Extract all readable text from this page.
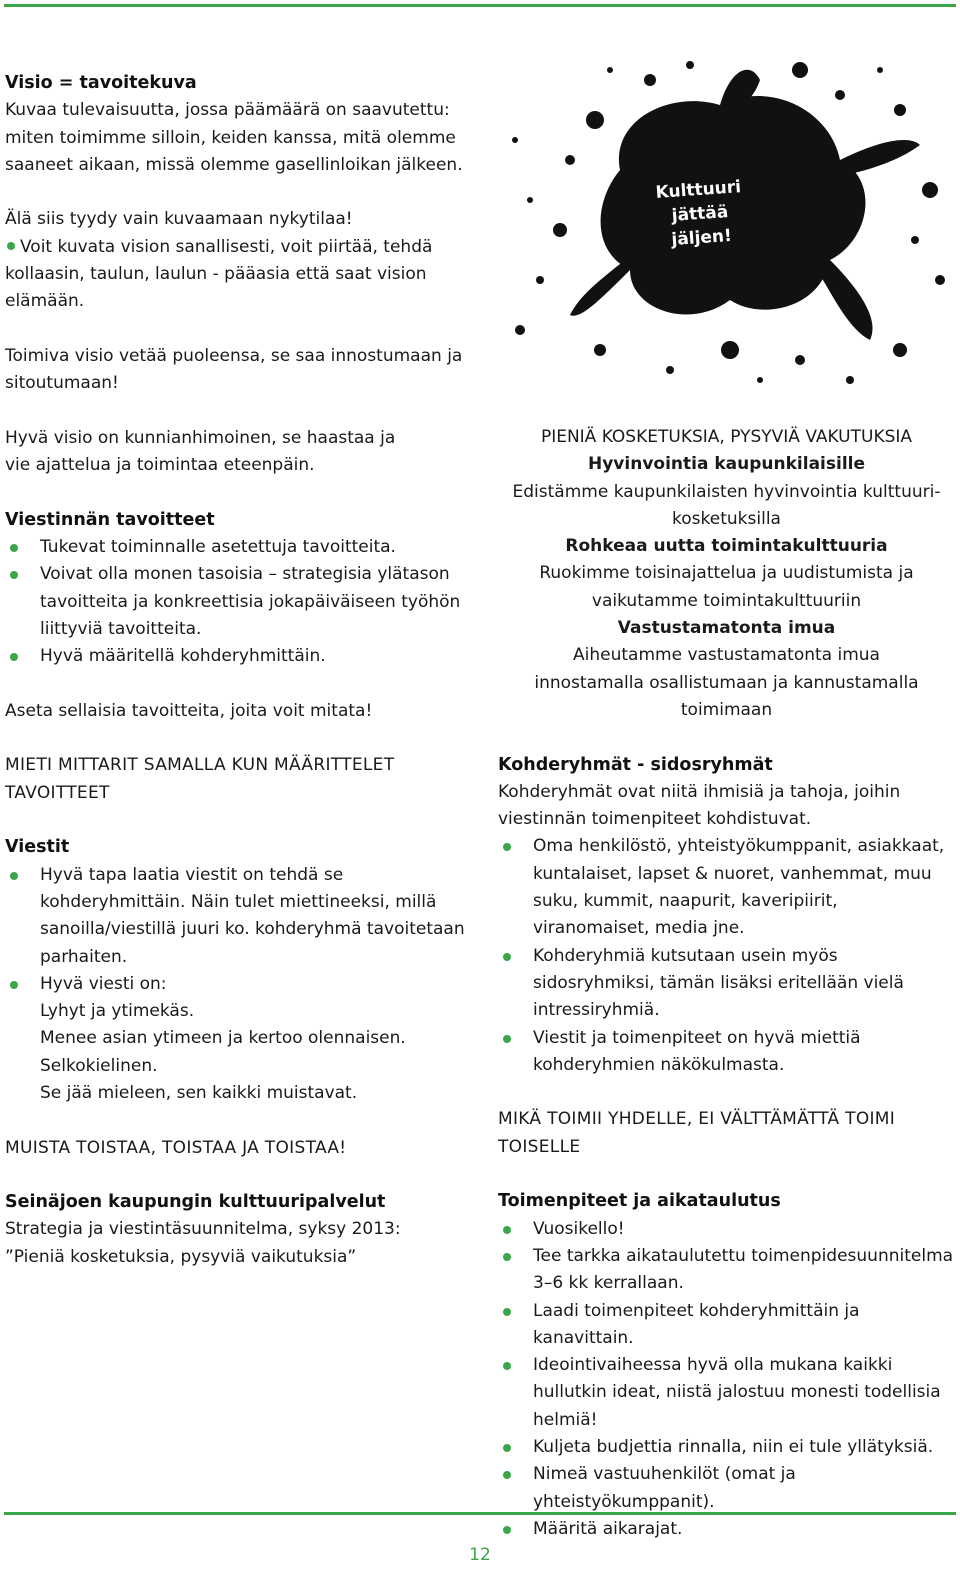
Visio = tavoitekuva

Kuvaa tulevaisuutta, jossa päämäärä on saavutettu:

miten toimimme silloin, keiden kanssa, mitä olemme

saaneet aikaan, missä olemme gasellinloikan jälkeen.

Älä siis tyydy vain kuvaamaan nykytilaa!

Voit kuvata vision sanallisesti, voit piirtää, tehdä

kollaasin, taulun, laulun - pääasia että saat vision

elämään.

Toimiva visio vetää puoleensa, se saa innostumaan ja

sitoutumaan!

Hyvä visio on kunnianhimoinen, se haastaa ja

vie ajattelua ja toimintaa eteenpäin.

Viestinnän tavoitteet

Tukevat toiminnalle asetettuja tavoitteita.
Voivat olla monen tasoisia – strategisia ylätason tavoitteita ja konkreettisia jokapäiväiseen työhön liittyviä tavoitteita.
Hyvä määritellä kohderyhmittäin.

Aseta sellaisia tavoitteita, joita voit mitata!

MIETI MITTARIT SAMALLA KUN MÄÄRITTELET TAVOITTEET

Viestit

Hyvä tapa laatia viestit on tehdä se kohderyhmittäin. Näin tulet miettineeksi, millä sanoilla/viestillä juuri ko. kohderyhmä tavoitetaan parhaiten.
Hyvä viesti on:
Lyhyt ja ytimekäs.
Menee asian ytimeen ja kertoo olennaisen.
Selkokielinen.
Se jää mieleen, sen kaikki muistavat.

MUISTA TOISTAA, TOISTAA JA TOISTAA!

Seinäjoen kaupungin kulttuuripalvelut

Strategia ja viestintäsuunnitelma, syksy 2013:

”Pieniä kosketuksia, pysyviä vaikutuksia”

Kulttuuri
jättää
jäljen!

PIENIÄ KOSKETUKSIA, PYSYVIÄ VAKUTUKSIA
Hyvinvointia kaupunkilaisille
Edistämme kaupunkilaisten hyvinvointia kulttuuri-
kosketuksilla
Rohkeaa uutta toimintakulttuuria
Ruokimme toisinajattelua ja uudistumista ja
vaikutamme toimintakulttuuriin
Vastustamatonta imua
Aiheutamme vastustamatonta imua
innostamalla osallistumaan ja kannustamalla
toimimaan

Kohderyhmät - sidosryhmät

Kohderyhmät ovat niitä ihmisiä ja tahoja, joihin

viestinnän toimenpiteet kohdistuvat.

Oma henkilöstö, yhteistyökumppanit, asiakkaat, kuntalaiset, lapset & nuoret, vanhemmat, muu suku, kummit, naapurit, kaveripiirit, viranomaiset, media jne.
Kohderyhmiä kutsutaan usein myös sidosryhmiksi, tämän lisäksi eritellään vielä intressiryhmiä.
Viestit ja toimenpiteet on hyvä miettiä kohderyhmien näkökulmasta.

MIKÄ TOIMII YHDELLE, EI VÄLTTÄMÄTTÄ TOIMI TOISELLE

Toimenpiteet ja aikataulutus

Vuosikello!
Tee tarkka aikataulutettu toimenpidesuunnitelma 3–6 kk kerrallaan.
Laadi toimenpiteet kohderyhmittäin ja kanavittain.
Ideointivaiheessa hyvä olla mukana kaikki hullutkin ideat, niistä jalostuu monesti todellisia helmiä!
Kuljeta budjettia rinnalla, niin ei tule yllätyksiä.
Nimeä vastuuhenkilöt (omat ja yhteistyökumppanit).
Määritä aikarajat.
12
